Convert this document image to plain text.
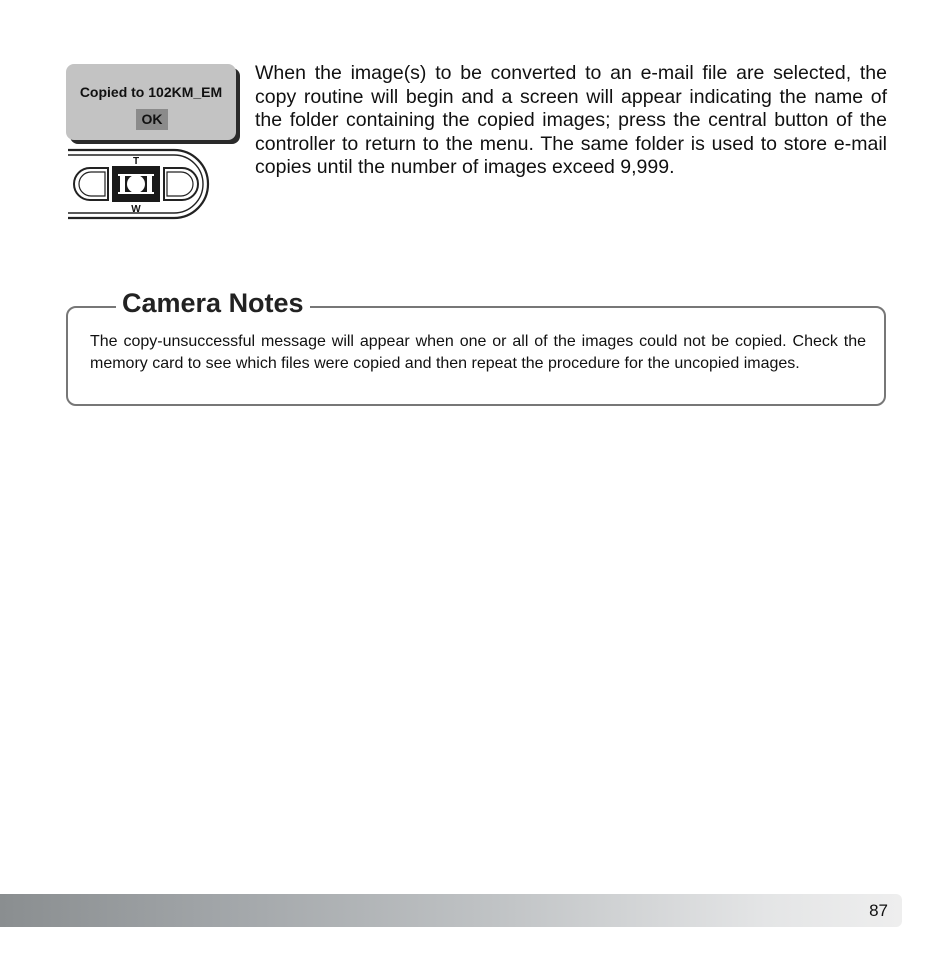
Copied to 102KM_EM
OK
T
W

When the image(s) to be converted to an e-mail file are selected, the copy routine will begin and a screen will appear indicating the name of the folder containing the copied images; press the central button of the controller to return to the menu. The same folder is used to store e-mail copies until the number of images exceed 9,999.

Camera Notes

The copy-unsuccessful message will appear when one or all of the images could not be copied. Check the memory card to see which files were copied and then repeat the procedure for the uncopied images.

87
